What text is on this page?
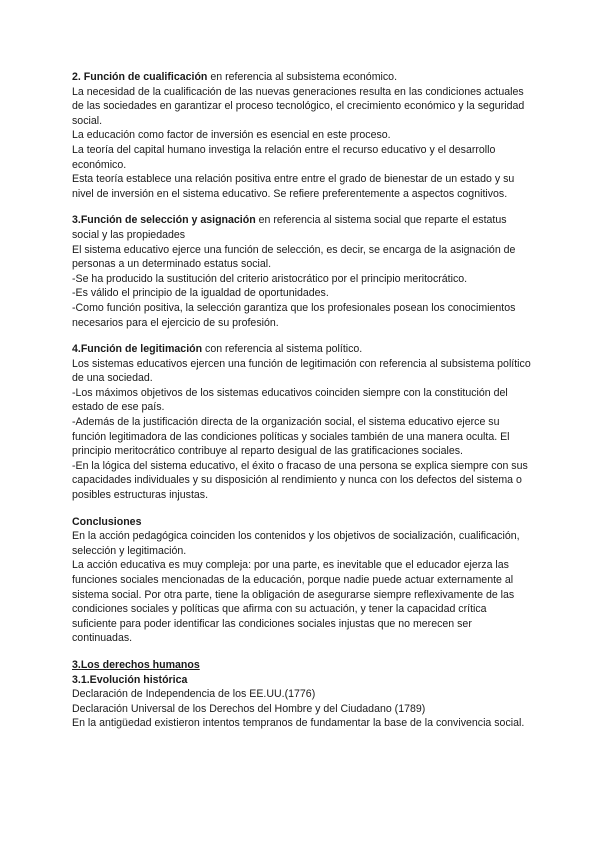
2. Función de cualificación en referencia al subsistema económico.

La necesidad de la cualificación de las nuevas generaciones resulta en las condiciones actuales de las sociedades en garantizar el proceso tecnológico, el crecimiento económico y la seguridad social.

La educación como factor de inversión es esencial en este proceso.

La teoría del capital humano investiga la relación entre el recurso educativo y el desarrollo económico.

Esta teoría establece una relación positiva entre entre el grado de bienestar de un estado y su nivel de inversión en el sistema educativo. Se refiere preferentemente a aspectos cognitivos.

3.Función de selección y asignación en referencia al sistema social que reparte el estatus social y las propiedades

El sistema educativo ejerce una función de selección, es decir, se encarga de la asignación de personas a un determinado estatus social.

-Se ha producido la sustitución del criterio aristocrático por el principio meritocrático.

-Es válido el principio de la igualdad de oportunidades.

-Como función positiva, la selección garantiza que los profesionales posean los conocimientos necesarios para el ejercicio de su profesión.

4.Función de legitimación con referencia al sistema político.

Los sistemas educativos ejercen una función de legitimación con referencia al subsistema político de una sociedad.

-Los máximos objetivos de los sistemas educativos coinciden siempre con la constitución del estado de ese país.

-Además de la justificación directa de la organización social, el sistema educativo ejerce su función legitimadora de las condiciones políticas y sociales también de una manera oculta. El principio meritocrático contribuye al reparto desigual de las gratificaciones sociales.

-En la lógica del sistema educativo, el éxito o fracaso de una persona se explica siempre con sus capacidades individuales y su disposición al rendimiento y nunca con los defectos del sistema o posibles estructuras injustas.

Conclusiones

En la acción pedagógica coinciden los contenidos y los objetivos de socialización, cualificación, selección y legitimación.

La acción educativa es muy compleja: por una parte, es inevitable que el educador ejerza las funciones sociales mencionadas de la educación, porque nadie puede actuar externamente al sistema social. Por otra parte, tiene la obligación de asegurarse siempre reflexivamente de las condiciones sociales y políticas que afirma con su actuación, y tener la capacidad crítica suficiente para poder identificar las condiciones sociales injustas que no merecen ser continuadas.

3.Los derechos humanos

3.1.Evolución histórica

Declaración de Independencia de los EE.UU.(1776)

Declaración Universal de los Derechos del Hombre y del Ciudadano (1789)

En la antigüedad existieron intentos tempranos de fundamentar la base de la convivencia social.
